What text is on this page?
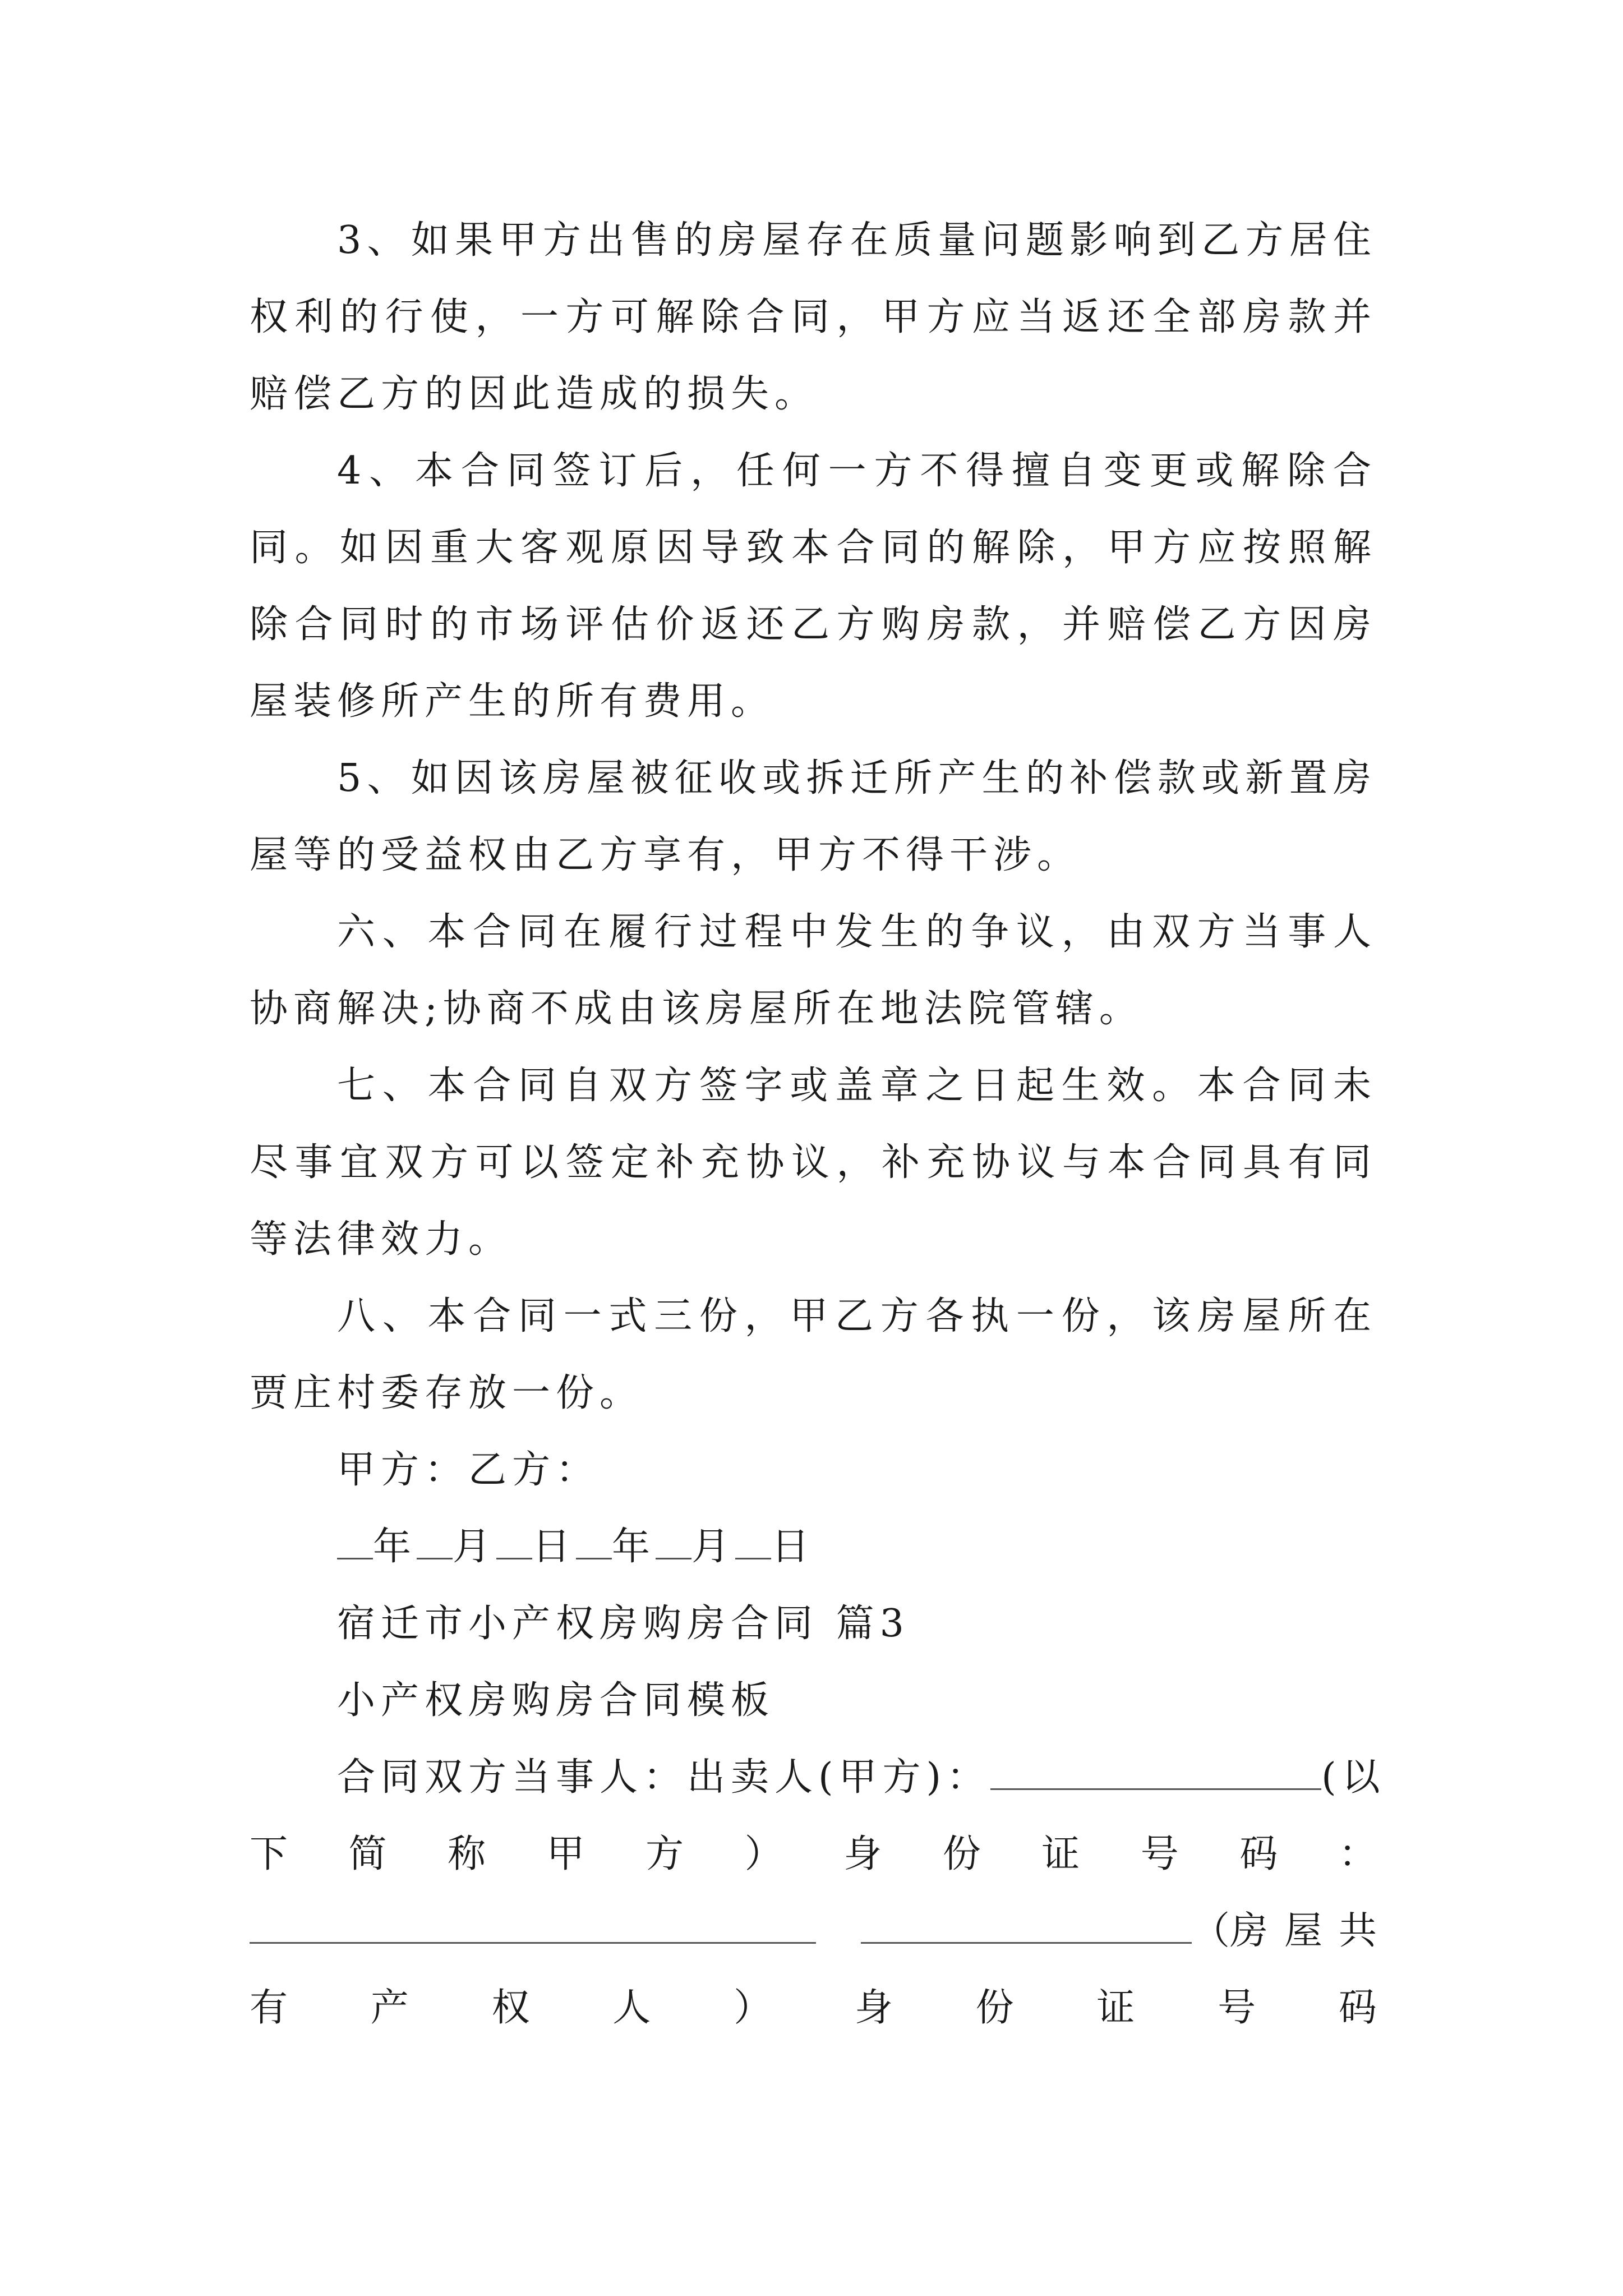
3、如果甲方出售的房屋存在质量问题影响到乙方居住权利的行使，一方可解除合同，甲方应当返还全部房款并赔偿乙方的因此造成的损失。

4、本合同签订后，任何一方不得擅自变更或解除合同。如因重大客观原因导致本合同的解除，甲方应按照解除合同时的市场评估价返还乙方购房款，并赔偿乙方因房屋装修所产生的所有费用。

5、如因该房屋被征收或拆迁所产生的补偿款或新置房屋等的受益权由乙方享有，甲方不得干涉。

六、本合同在履行过程中发生的争议，由双方当事人协商解决;协商不成由该房屋所在地法院管辖。

七、本合同自双方签字或盖章之日起生效。本合同未尽事宜双方可以签定补充协议，补充协议与本合同具有同等法律效力。

八、本合同一式三份，甲乙方各执一份，该房屋所在贾庄村委存放一份。

甲方：乙方：

年 月 日 年 月 日

宿迁市小产权房购房合同 篇3

小产权房购房合同模板

合同双方当事人：出卖人(甲方)：	(以

下 简 称 甲 方 ） 身 份 证 号 码 ：
（房 屋 共
有 产 权 人 ） 身 份 证 号 码
